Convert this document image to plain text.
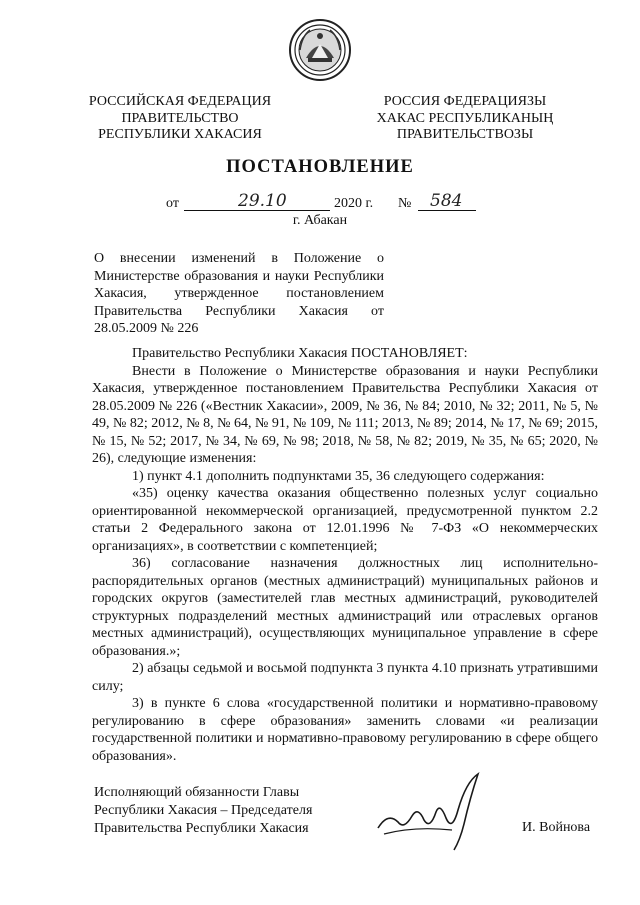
РОССИЙСКАЯ ФЕДЕРАЦИЯ
ПРАВИТЕЛЬСТВО
РЕСПУБЛИКИ ХАКАСИЯ
РОССИЯ ФЕДЕРАЦИЯЗЫ
ХАКАС РЕСПУБЛИКАНЫҢ
ПРАВИТЕЛЬСТВОЗЫ
ПОСТАНОВЛЕНИЕ
от	29.10	2020 г. № 584
г. Абакан
О внесении изменений в Положение о Министерстве образования и науки Республики Хакасия, утвержденное постановлением Правительства Республики Хакасия от 28.05.2009 № 226

Правительство Республики Хакасия ПОСТАНОВЛЯЕТ:

Внести в Положение о Министерстве образования и науки Республики Хакасия, утвержденное постановлением Правительства Республики Хакасия от 28.05.2009 № 226 («Вестник Хакасии», 2009, № 36, № 84; 2010, № 32; 2011, № 5, № 49, № 82; 2012, № 8, № 64, № 91, № 109, № 111; 2013, № 89; 2014, № 17, № 69; 2015, № 15, № 52; 2017, № 34, № 69, № 98; 2018, № 58, № 82; 2019, № 35, № 65; 2020, № 26), следующие изменения:

1) пункт 4.1 дополнить подпунктами 35, 36 следующего содержания:

«35) оценку качества оказания общественно полезных услуг социально ориентированной некоммерческой организацией, предусмотренной пунктом 2.2 статьи 2 Федерального закона от 12.01.1996 № 7-ФЗ «О некоммерческих организациях», в соответствии с компетенцией;

36) согласование назначения должностных лиц исполнительно-распорядительных органов (местных администраций) муниципальных районов и городских округов (заместителей глав местных администраций, руководителей структурных подразделений местных администраций или отраслевых органов местных администраций), осуществляющих муниципальное управление в сфере образования.»;

2) абзацы седьмой и восьмой подпункта 3 пункта 4.10 признать утратившими силу;

3) в пункте 6 слова «государственной политики и нормативно-правовому регулированию в сфере образования» заменить словами «и реализации государственной политики и нормативно-правовому регулированию в сфере общего образования».

Исполняющий обязанности Главы
Республики Хакасия – Председателя
Правительства Республики Хакасия	И. Войнова
